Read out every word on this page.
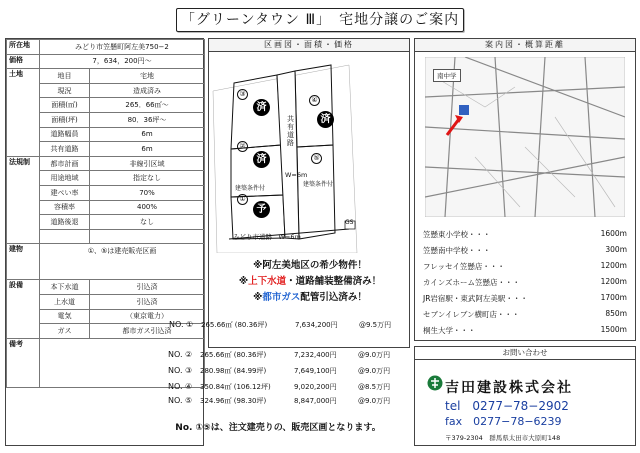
「グリーンタウン Ⅲ」　宅地分譲のご案内
所在地	みどり市笠懸町阿左美750−2	
価格	7，634，200円〜	
土地	地目	宅地
	現況	造成済み
	面積(㎡)	265．66㎡〜
	面積(坪)	80．36坪〜
	道路幅員	6m
	共有道路	6m
法規制	都市計画	非線引区域
	用途地域	指定なし
	建ぺい率	70%
	容積率	400%
	道路後退	なし

建物	①、⑤は建売販売区画	
設備	本下水道	引込済
	上水道	引込済
	電気	（東京電力）
	ガス	都市ガス引込済
備考		
区画図・面積・価格
共有道路
W=6m
GS
みどり市道路　W=6ｍ
③
済
④
済
②
済	⑤
建築条件付
建築条件付
①
予
※阿左美地区の希少物件！
※上下水道・道路舗装整備済み！
※都市ガス配管引込済み！
NO. ① 265.66㎡ (80.36坪)	7,634,200円	@9.5万円
NO. ② 265.66㎡ (80.36坪)	7,232,400円	@9.0万円
NO. ③ 280.98㎡ (84.99坪)	7,649,100円	@9.0万円
NO. ④ 350.84㎡ (106.12坪)	9,020,200円	@8.5万円
NO. ⑤ 324.96㎡ (98.30坪)	8,847,000円	@9.0万円
No. ①⑤は、注文建売りの、販売区画となります。
案内図・概算距離
南中学
笠懸東小学校・・・	1600m
笠懸南中学校・・・	300m
フレッセイ笠懸店・・・	1200m
カインズホーム笠懸店・・・	1200m
JR岩宿駅・東武阿左美駅・・・	1700m
セブンイレブン横町店・・・	850m
桐生大学・・・	1500m
お問い合わせ
吉田建設株式会社
tel　0277−78−2902
fax　0277−78−6239
〒379-2304　群馬県太田市大原町148
